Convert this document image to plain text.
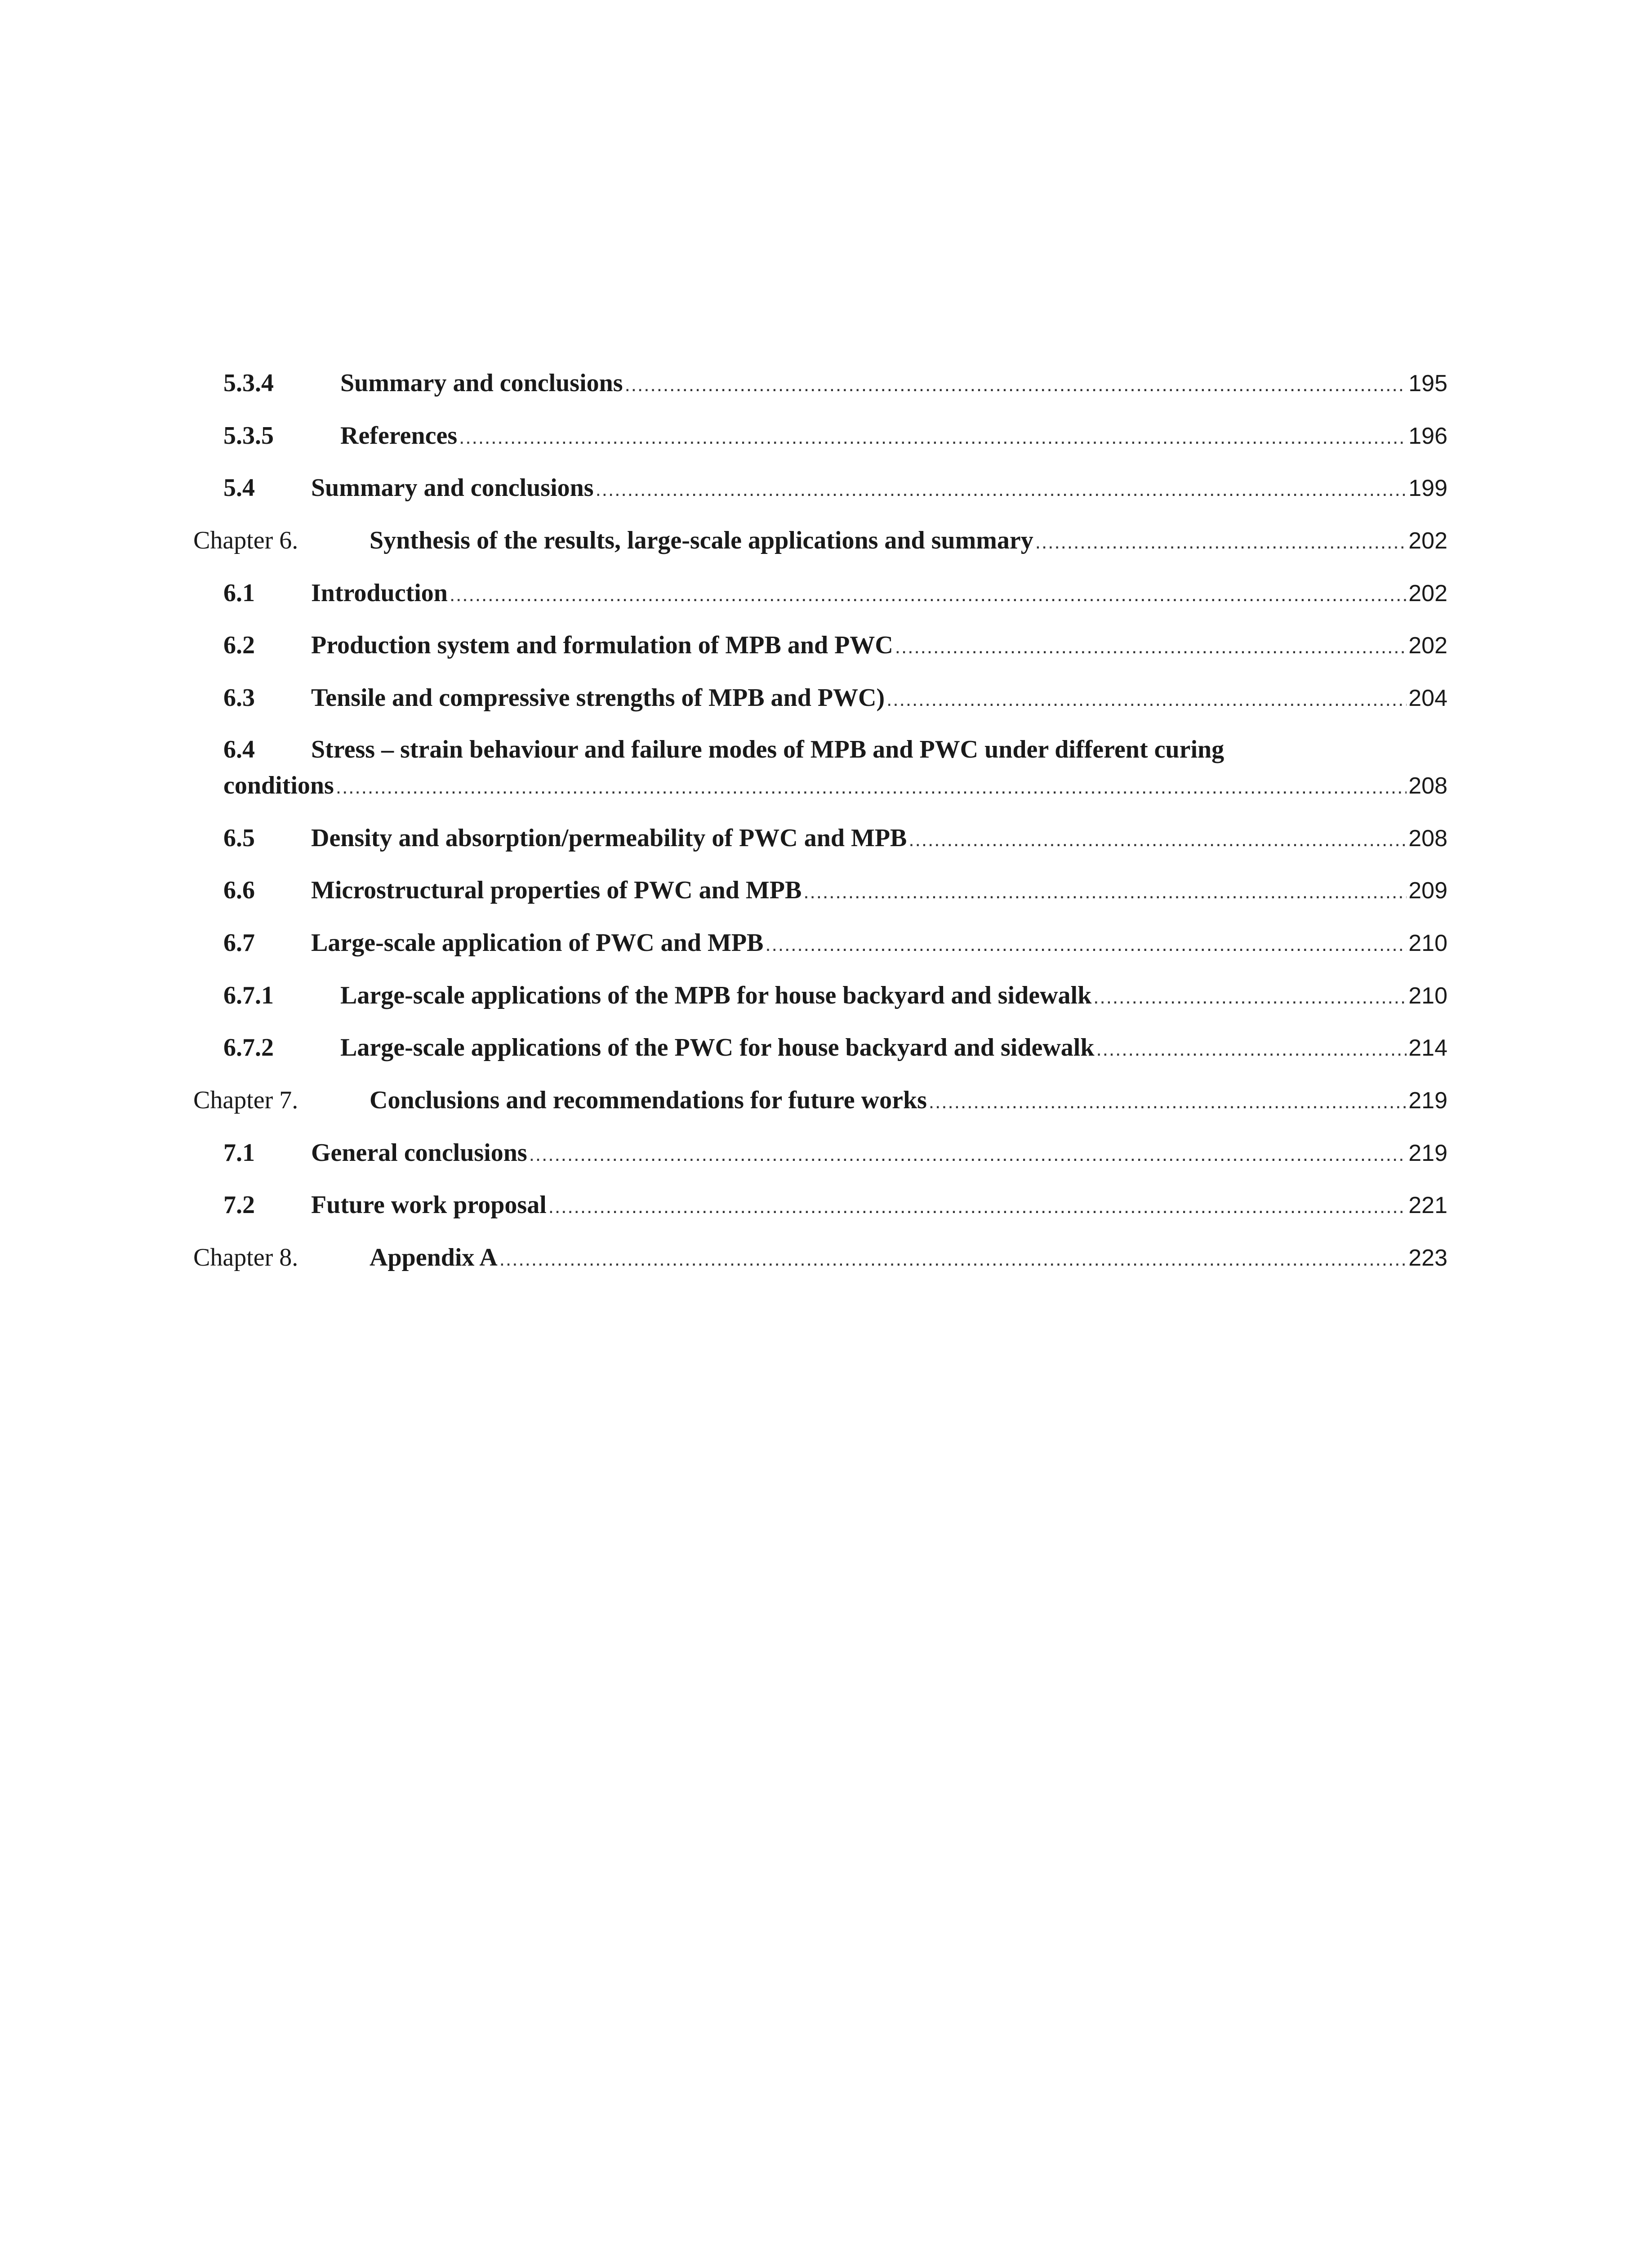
5.3.4	Summary and conclusions .....	195
5.3.5	References .....	196
5.4 Summary and conclusions .....	199
Chapter 6.	Synthesis of the results, large-scale applications and summary .....	202
6.1 Introduction .....	202
6.2 Production system and formulation of MPB and PWC .....	202
6.3 Tensile and compressive strengths of MPB and PWC) .....	204
6.4 Stress – strain behaviour and failure modes of MPB and PWC under different curing
conditions .....	208
6.5 Density and absorption/permeability of PWC and MPB .....	208
6.6 Microstructural properties of PWC and MPB .....	209
6.7 Large-scale application of PWC and MPB .....	210
6.7.1	Large-scale applications of the MPB for house backyard and sidewalk .....	210
6.7.2	Large-scale applications of the PWC for house backyard and sidewalk .....	214
Chapter 7.	Conclusions and recommendations for future works .....	219
7.1 General conclusions .....	219
7.2 Future work proposal .....	221
Chapter 8.	Appendix A .....	223
